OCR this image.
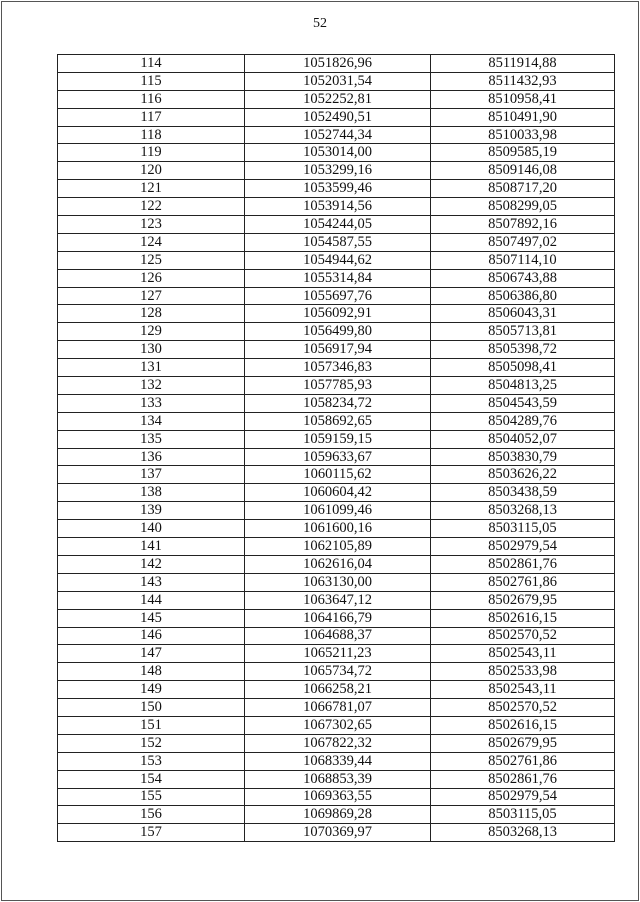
52
114	1051826,96	8511914,88
115	1052031,54	8511432,93
116	1052252,81	8510958,41
117	1052490,51	8510491,90
118	1052744,34	8510033,98
119	1053014,00	8509585,19
120	1053299,16	8509146,08
121	1053599,46	8508717,20
122	1053914,56	8508299,05
123	1054244,05	8507892,16
124	1054587,55	8507497,02
125	1054944,62	8507114,10
126	1055314,84	8506743,88
127	1055697,76	8506386,80
128	1056092,91	8506043,31
129	1056499,80	8505713,81
130	1056917,94	8505398,72
131	1057346,83	8505098,41
132	1057785,93	8504813,25
133	1058234,72	8504543,59
134	1058692,65	8504289,76
135	1059159,15	8504052,07
136	1059633,67	8503830,79
137	1060115,62	8503626,22
138	1060604,42	8503438,59
139	1061099,46	8503268,13
140	1061600,16	8503115,05
141	1062105,89	8502979,54
142	1062616,04	8502861,76
143	1063130,00	8502761,86
144	1063647,12	8502679,95
145	1064166,79	8502616,15
146	1064688,37	8502570,52
147	1065211,23	8502543,11
148	1065734,72	8502533,98
149	1066258,21	8502543,11
150	1066781,07	8502570,52
151	1067302,65	8502616,15
152	1067822,32	8502679,95
153	1068339,44	8502761,86
154	1068853,39	8502861,76
155	1069363,55	8502979,54
156	1069869,28	8503115,05
157	1070369,97	8503268,13
